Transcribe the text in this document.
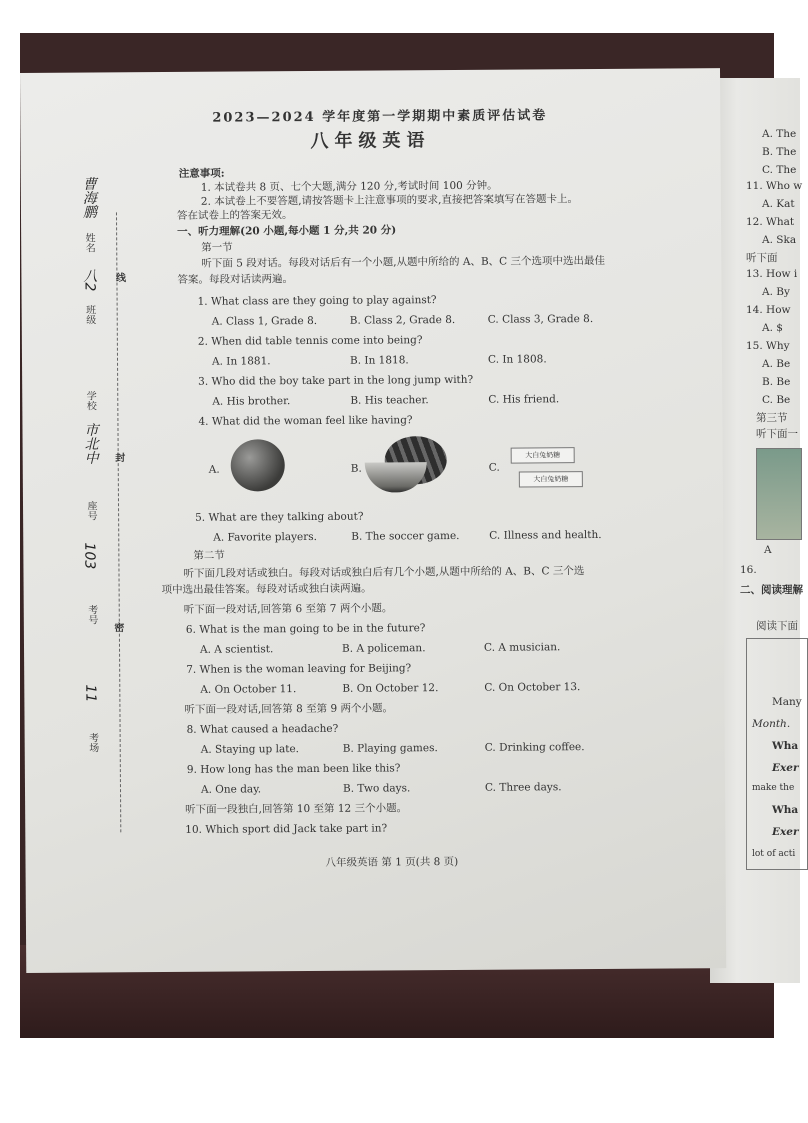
A. The
B. The
C. The
11. Who w
A. Kat
12. What
A. Ska
听下面
13. How i
A. By
14. How
A. $
15. Why
A. Be
B. Be
C. Be
第三节
听下面一
A
16.
二、阅读理解
阅读下面
Many
Month.
Wha
Exer
make the
Wha
Exer
lot of acti
考场
11
考号
座号
103
学校
市北中
班级
八2
姓名
曹海鹏
密
封
线
2023—2024 学年度第一学期期中素质评估试卷
八年级英语
注意事项:
1. 本试卷共 8 页、七个大题,满分 120 分,考试时间 100 分钟。
2. 本试卷上不要答题,请按答题卡上注意事项的要求,直接把答案填写在答题卡上。
答在试卷上的答案无效。
一、听力理解(20 小题,每小题 1 分,共 20 分)
第一节
听下面 5 段对话。每段对话后有一个小题,从题中所给的 A、B、C 三个选项中选出最佳
答案。每段对话读两遍。
1. What class are they going to play against?
A. Class 1, Grade 8.	B. Class 2, Grade 8.	C. Class 3, Grade 8.
2. When did table tennis come into being?
A. In 1881.	B. In 1818.	C. In 1808.
3. Who did the boy take part in the long jump with?
A. His brother.	B. His teacher.	C. His friend.
4. What did the woman feel like having?
A.	B.	C.
大白兔奶糖
大白兔奶糖
5. What are they talking about?
A. Favorite players.	B. The soccer game.	C. Illness and health.
第二节
听下面几段对话或独白。每段对话或独白后有几个小题,从题中所给的 A、B、C 三个选
项中选出最佳答案。每段对话或独白读两遍。
听下面一段对话,回答第 6 至第 7 两个小题。
6. What is the man going to be in the future?
A. A scientist.	B. A policeman.	C. A musician.
7. When is the woman leaving for Beijing?
A. On October 11.	B. On October 12.	C. On October 13.
听下面一段对话,回答第 8 至第 9 两个小题。
8. What caused a headache?
A. Staying up late.	B. Playing games.	C. Drinking coffee.
9. How long has the man been like this?
A. One day.	B. Two days.	C. Three days.
听下面一段独白,回答第 10 至第 12 三个小题。
10. Which sport did Jack take part in?
八年级英语 第 1 页(共 8 页)
